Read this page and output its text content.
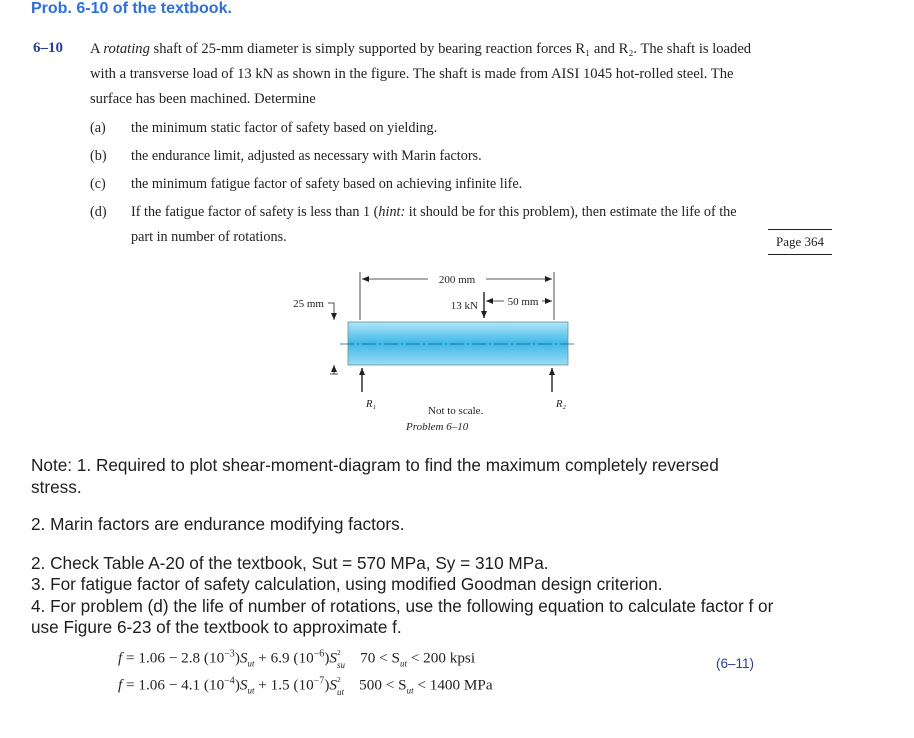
Prob. 6-10 of the textbook.
6–10 A rotating shaft of 25-mm diameter is simply supported by bearing reaction forces R₁ and R₂. The shaft is loaded
with a transverse load of 13 kN as shown in the figure. The shaft is made from AISI 1045 hot-rolled steel. The
surface has been machined. Determine
(a) the minimum static factor of safety based on yielding.
(b) the endurance limit, adjusted as necessary with Marin factors.
(c) the minimum fatigue factor of safety based on achieving infinite life.
(d) If the fatigue factor of safety is less than 1 (hint: it should be for this problem), then estimate the life of the
part in number of rotations.	Page 364
200 mm
50 mm
13 kN
25 mm
R₁	R₂
Not to scale.
Problem 6–10
Note: 1. Required to plot shear-moment-diagram to find the maximum completely reversed
stress.
2. Marin factors are endurance modifying factors.
2. Check Table A-20 of the textbook, Sut = 570 MPa, Sy = 310 MPa.
3. For fatigue factor of safety calculation, using modified Goodman design criterion.
4. For problem (d) the life of number of rotations, use the following equation to calculate factor f or
use Figure 6-23 of the textbook to approximate f.
f = 1.06 − 2.8 $(10^{-3})S_{ut} + 6.9$ $(10^{-6})S^2$
su $70 < S_{ut} < 200$ kpsi
f = 1.06 − 4.1 $(10^{-4})S_{ut} + 1.5$ $(10^{-7})S^2$
ut $500 < S_{ut} < 1400$ MPa
(6–11)
